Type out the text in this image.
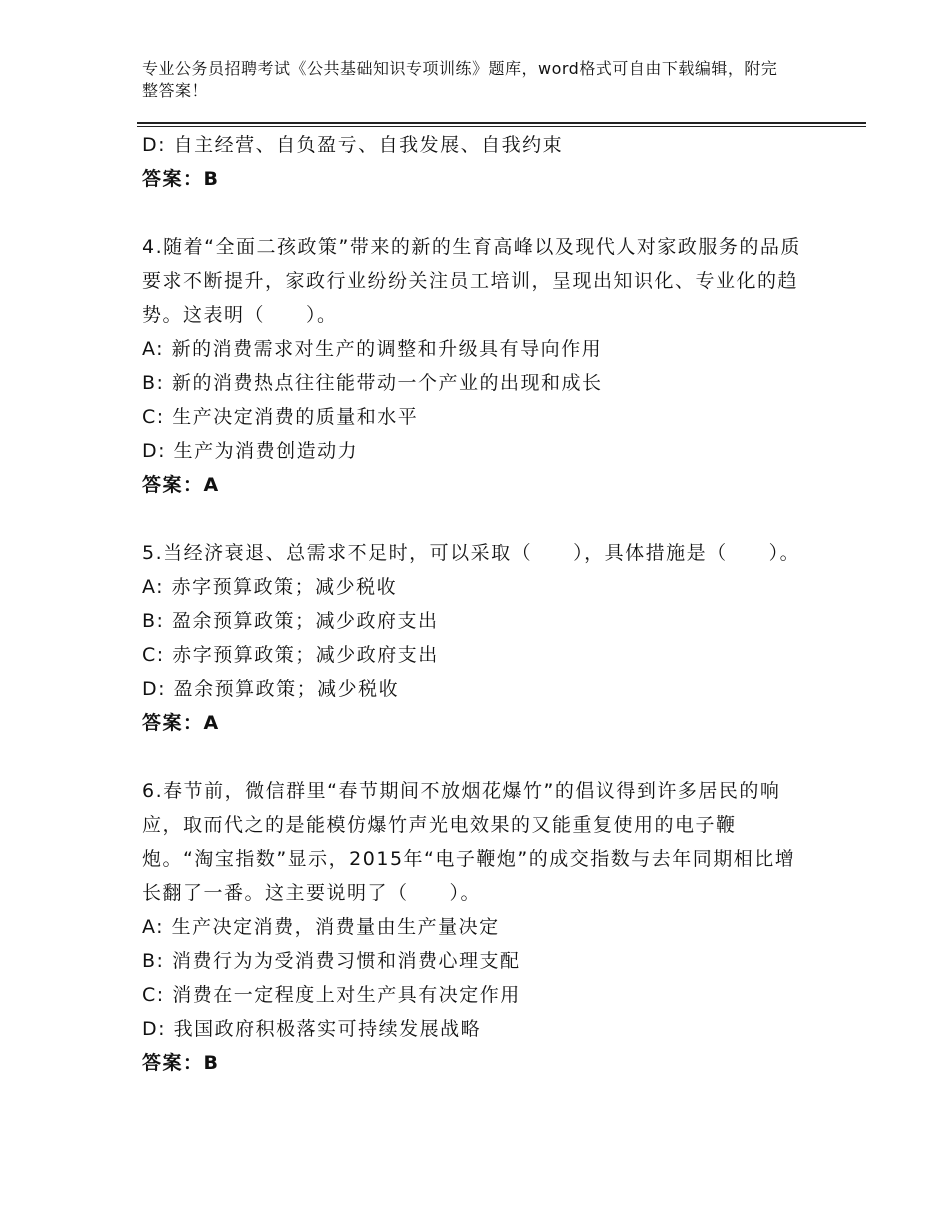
专业公务员招聘考试《公共基础知识专项训练》题库，word格式可自由下载编辑，附完整答案！
D: 自主经营、自负盈亏、自我发展、自我约束
答案：B
4.随着“全面二孩政策”带来的新的生育高峰以及现代人对家政服务的品质要求不断提升，家政行业纷纷关注员工培训，呈现出知识化、专业化的趋势。这表明（　　）。
A: 新的消费需求对生产的调整和升级具有导向作用
B: 新的消费热点往往能带动一个产业的出现和成长
C: 生产决定消费的质量和水平
D: 生产为消费创造动力
答案：A
5.当经济衰退、总需求不足时，可以采取（　　），具体措施是（　　）。
A: 赤字预算政策；减少税收
B: 盈余预算政策；减少政府支出
C: 赤字预算政策；减少政府支出
D: 盈余预算政策；减少税收
答案：A
6.春节前，微信群里“春节期间不放烟花爆竹”的倡议得到许多居民的响应，取而代之的是能模仿爆竹声光电效果的又能重复使用的电子鞭炮。“淘宝指数”显示，2015年“电子鞭炮”的成交指数与去年同期相比增长翻了一番。这主要说明了（　　）。
A: 生产决定消费，消费量由生产量决定
B: 消费行为为受消费习惯和消费心理支配
C: 消费在一定程度上对生产具有决定作用
D: 我国政府积极落实可持续发展战略
答案：B
